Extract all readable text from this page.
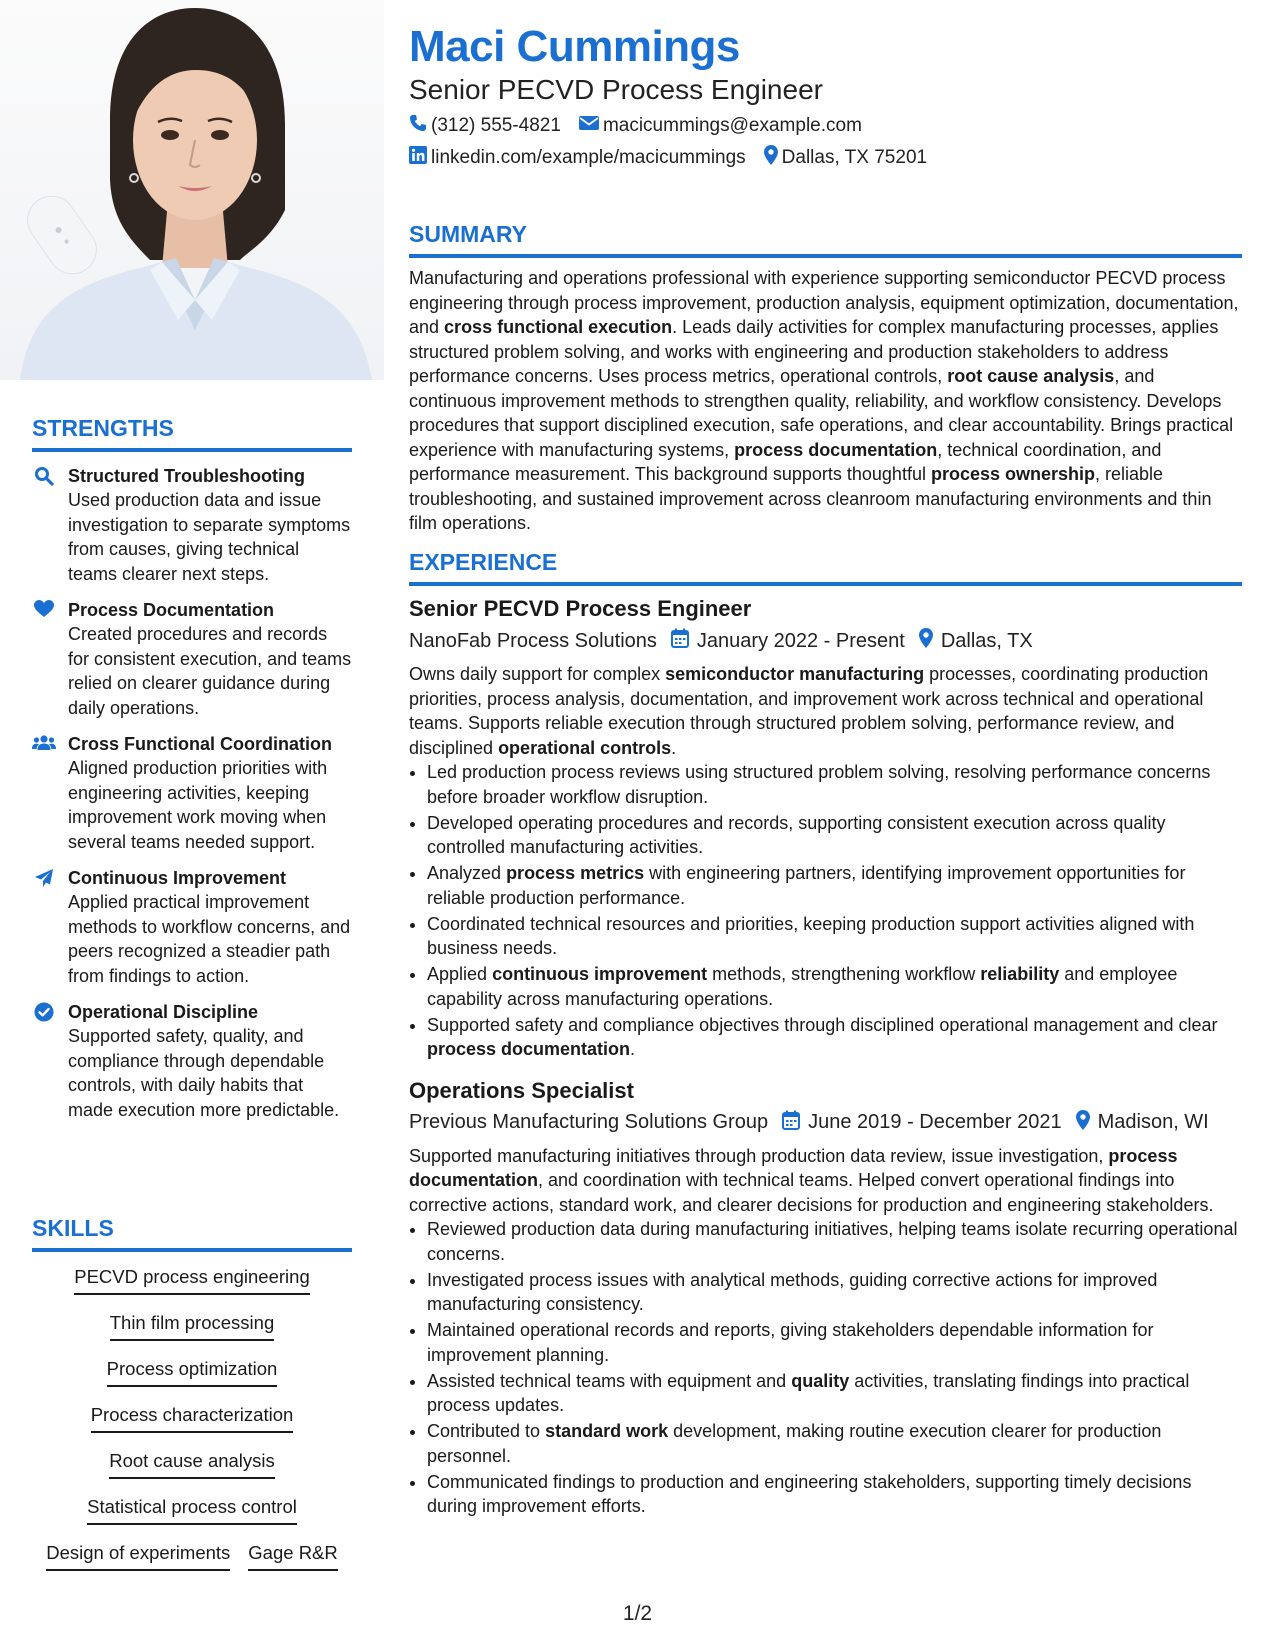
STRENGTHS
Structured Troubleshooting
Used production data and issue investigation to separate symptoms from causes, giving technical teams clearer next steps.
Process Documentation
Created procedures and records for consistent execution, and teams relied on clearer guidance during daily operations.
Cross Functional Coordination
Aligned production priorities with engineering activities, keeping improvement work moving when several teams needed support.
Continuous Improvement
Applied practical improvement methods to workflow concerns, and peers recognized a steadier path from findings to action.
Operational Discipline
Supported safety, quality, and compliance through dependable controls, with daily habits that made execution more predictable.
SKILLS
PECVD process engineering
Thin film processing
Process optimization
Process characterization
Root cause analysis
Statistical process control
Design of experiments Gage R&R
Maci Cummings
Senior PECVD Process Engineer
(312) 555-4821 macicummings@example.com
linkedin.com/example/macicummings Dallas, TX 75201
SUMMARY
Manufacturing and operations professional with experience supporting semiconductor PECVD process engineering through process improvement, production analysis, equipment optimization, documentation, and cross functional execution. Leads daily activities for complex manufacturing processes, applies structured problem solving, and works with engineering and production stakeholders to address performance concerns. Uses process metrics, operational controls, root cause analysis, and continuous improvement methods to strengthen quality, reliability, and workflow consistency. Develops procedures that support disciplined execution, safe operations, and clear accountability. Brings practical experience with manufacturing systems, process documentation, technical coordination, and performance measurement. This background supports thoughtful process ownership, reliable troubleshooting, and sustained improvement across cleanroom manufacturing environments and thin film operations.
EXPERIENCE
Senior PECVD Process Engineer
NanoFab Process Solutions January 2022 - Present Dallas, TX
Owns daily support for complex semiconductor manufacturing processes, coordinating production priorities, process analysis, documentation, and improvement work across technical and operational teams. Supports reliable execution through structured problem solving, performance review, and disciplined operational controls.
• Led production process reviews using structured problem solving, resolving performance concerns before broader workflow disruption.
• Developed operating procedures and records, supporting consistent execution across quality controlled manufacturing activities.
• Analyzed process metrics with engineering partners, identifying improvement opportunities for reliable production performance.
• Coordinated technical resources and priorities, keeping production support activities aligned with business needs.
• Applied continuous improvement methods, strengthening workflow reliability and employee capability across manufacturing operations.
• Supported safety and compliance objectives through disciplined operational management and clear process documentation.
Operations Specialist
Previous Manufacturing Solutions Group June 2019 - December 2021 Madison, WI
Supported manufacturing initiatives through production data review, issue investigation, process documentation, and coordination with technical teams. Helped convert operational findings into corrective actions, standard work, and clearer decisions for production and engineering stakeholders.
• Reviewed production data during manufacturing initiatives, helping teams isolate recurring operational concerns.
• Investigated process issues with analytical methods, guiding corrective actions for improved manufacturing consistency.
• Maintained operational records and reports, giving stakeholders dependable information for improvement planning.
• Assisted technical teams with equipment and quality activities, translating findings into practical process updates.
• Contributed to standard work development, making routine execution clearer for production personnel.
• Communicated findings to production and engineering stakeholders, supporting timely decisions during improvement efforts.
1/2
